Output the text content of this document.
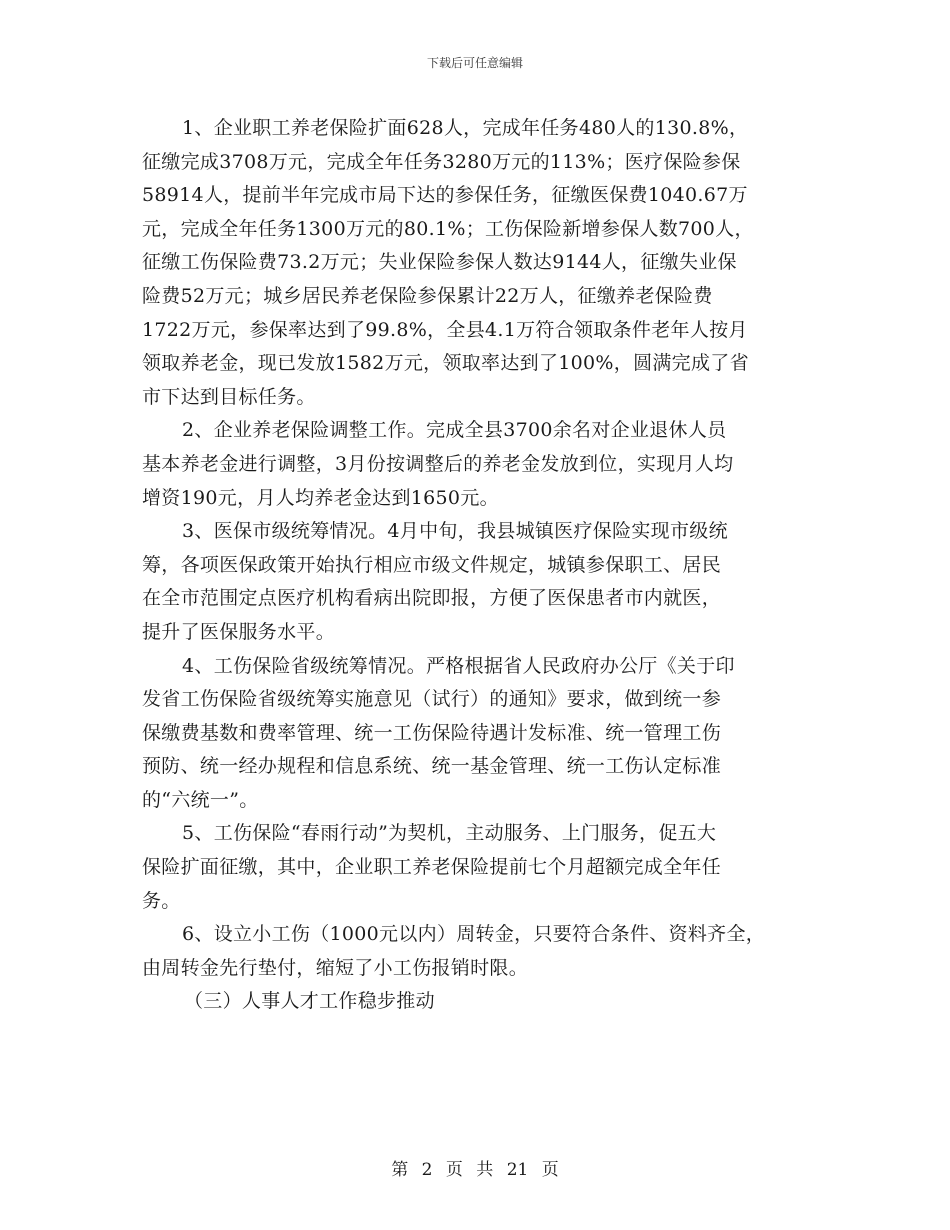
下载后可任意编辑
1、企业职工养老保险扩面628人，完成年任务480人的130.8%，
征缴完成3708万元，完成全年任务3280万元的113%；医疗保险参保
58914人，提前半年完成市局下达的参保任务，征缴医保费1040.67万
元，完成全年任务1300万元的80.1%；工伤保险新增参保人数700人，
征缴工伤保险费73.2万元；失业保险参保人数达9144人，征缴失业保
险费52万元；城乡居民养老保险参保累计22万人，征缴养老保险费
1722万元，参保率达到了99.8%，全县4.1万符合领取条件老年人按月
领取养老金，现已发放1582万元，领取率达到了100%，圆满完成了省
市下达到目标任务。
2、企业养老保险调整工作。完成全县3700余名对企业退休人员
基本养老金进行调整，3月份按调整后的养老金发放到位，实现月人均
增资190元，月人均养老金达到1650元。
3、医保市级统筹情况。4月中旬，我县城镇医疗保险实现市级统
筹，各项医保政策开始执行相应市级文件规定，城镇参保职工、居民
在全市范围定点医疗机构看病出院即报，方便了医保患者市内就医，
提升了医保服务水平。
4、工伤保险省级统筹情况。严格根据省人民政府办公厅《关于印
发省工伤保险省级统筹实施意见（试行）的通知》要求，做到统一参
保缴费基数和费率管理、统一工伤保险待遇计发标准、统一管理工伤
预防、统一经办规程和信息系统、统一基金管理、统一工伤认定标准
的“六统一”。
5、工伤保险“春雨行动”为契机，主动服务、上门服务，促五大
保险扩面征缴，其中，企业职工养老保险提前七个月超额完成全年任
务。
6、设立小工伤（1000元以内）周转金，只要符合条件、资料齐全，
由周转金先行垫付，缩短了小工伤报销时限。
（三）人事人才工作稳步推动
第 2 页 共 21 页
